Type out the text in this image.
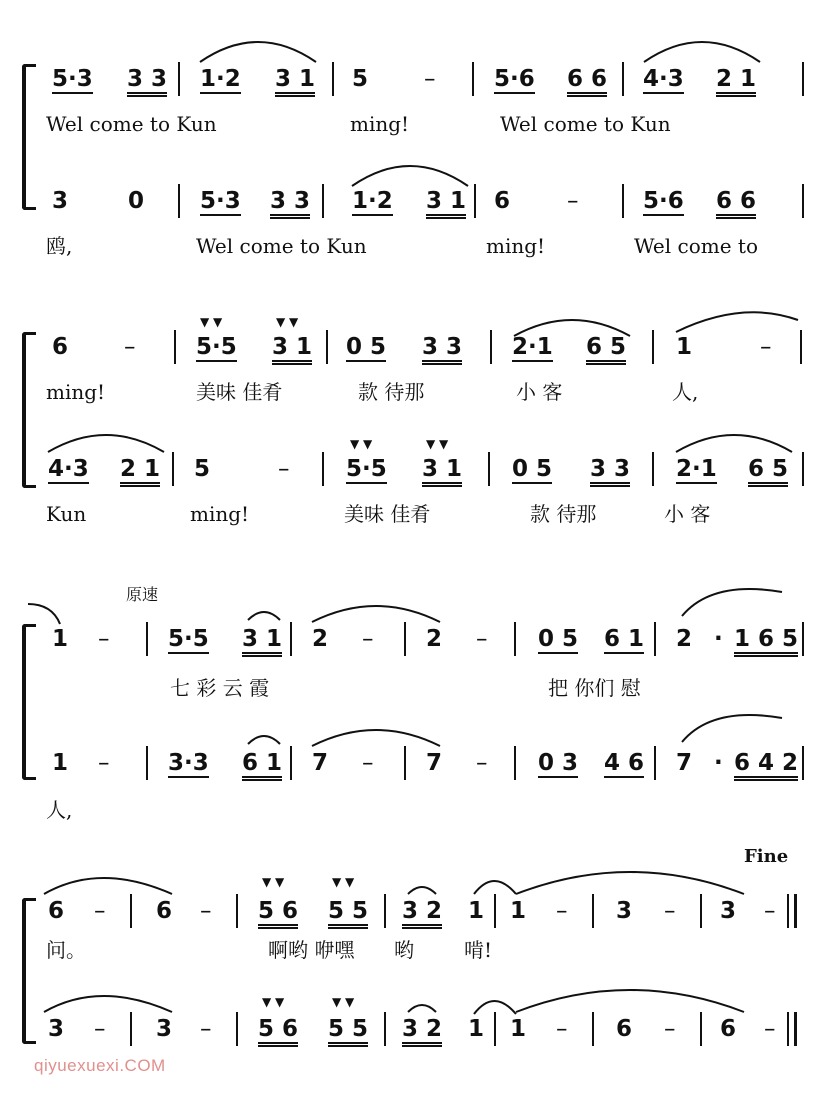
5·3 3 3 1·2 3 1 5 –	5·6 6 6 4·3 2 1
Wel come to Kun	ming!	Wel come to Kun
3	0 5·3 3 3 1·2 3 1 6 –	5·6 6 6
鸥,	Wel come to Kun	ming!	Wel come to
6 –	5·5 3 1 0 5 3 3 2·1 6 5 1	–
▼ ▼	▼ ▼
ming!	美味 佳肴	款 待那	小 客	人,
4·3 2 1 5	– 5·5 3 1 0 5 3 3 2·1 6 5
▼ ▼	▼ ▼
Kun	ming!	美味 佳肴	款 待那	小 客
原速
1 –	5·5 3 1 2 – 2 – 0 5 6 1 2 · 1 6 5
七 彩 云 霞	把 你们 慰
1 –	3·3 6 1 7 – 7 – 0 3 4 6 7 · 6 4 2
人,
Fine
6 – 6 – 5 6 5 5 3 2 1 1 – 3 – 3 –
▼ ▼	▼ ▼
问。	啊哟 咿嘿 哟	啃!
3 – 3 – 5 6 5 5 3 2 1 1 – 6 – 6 –
▼ ▼	▼ ▼
qiyuexuexi.COM
